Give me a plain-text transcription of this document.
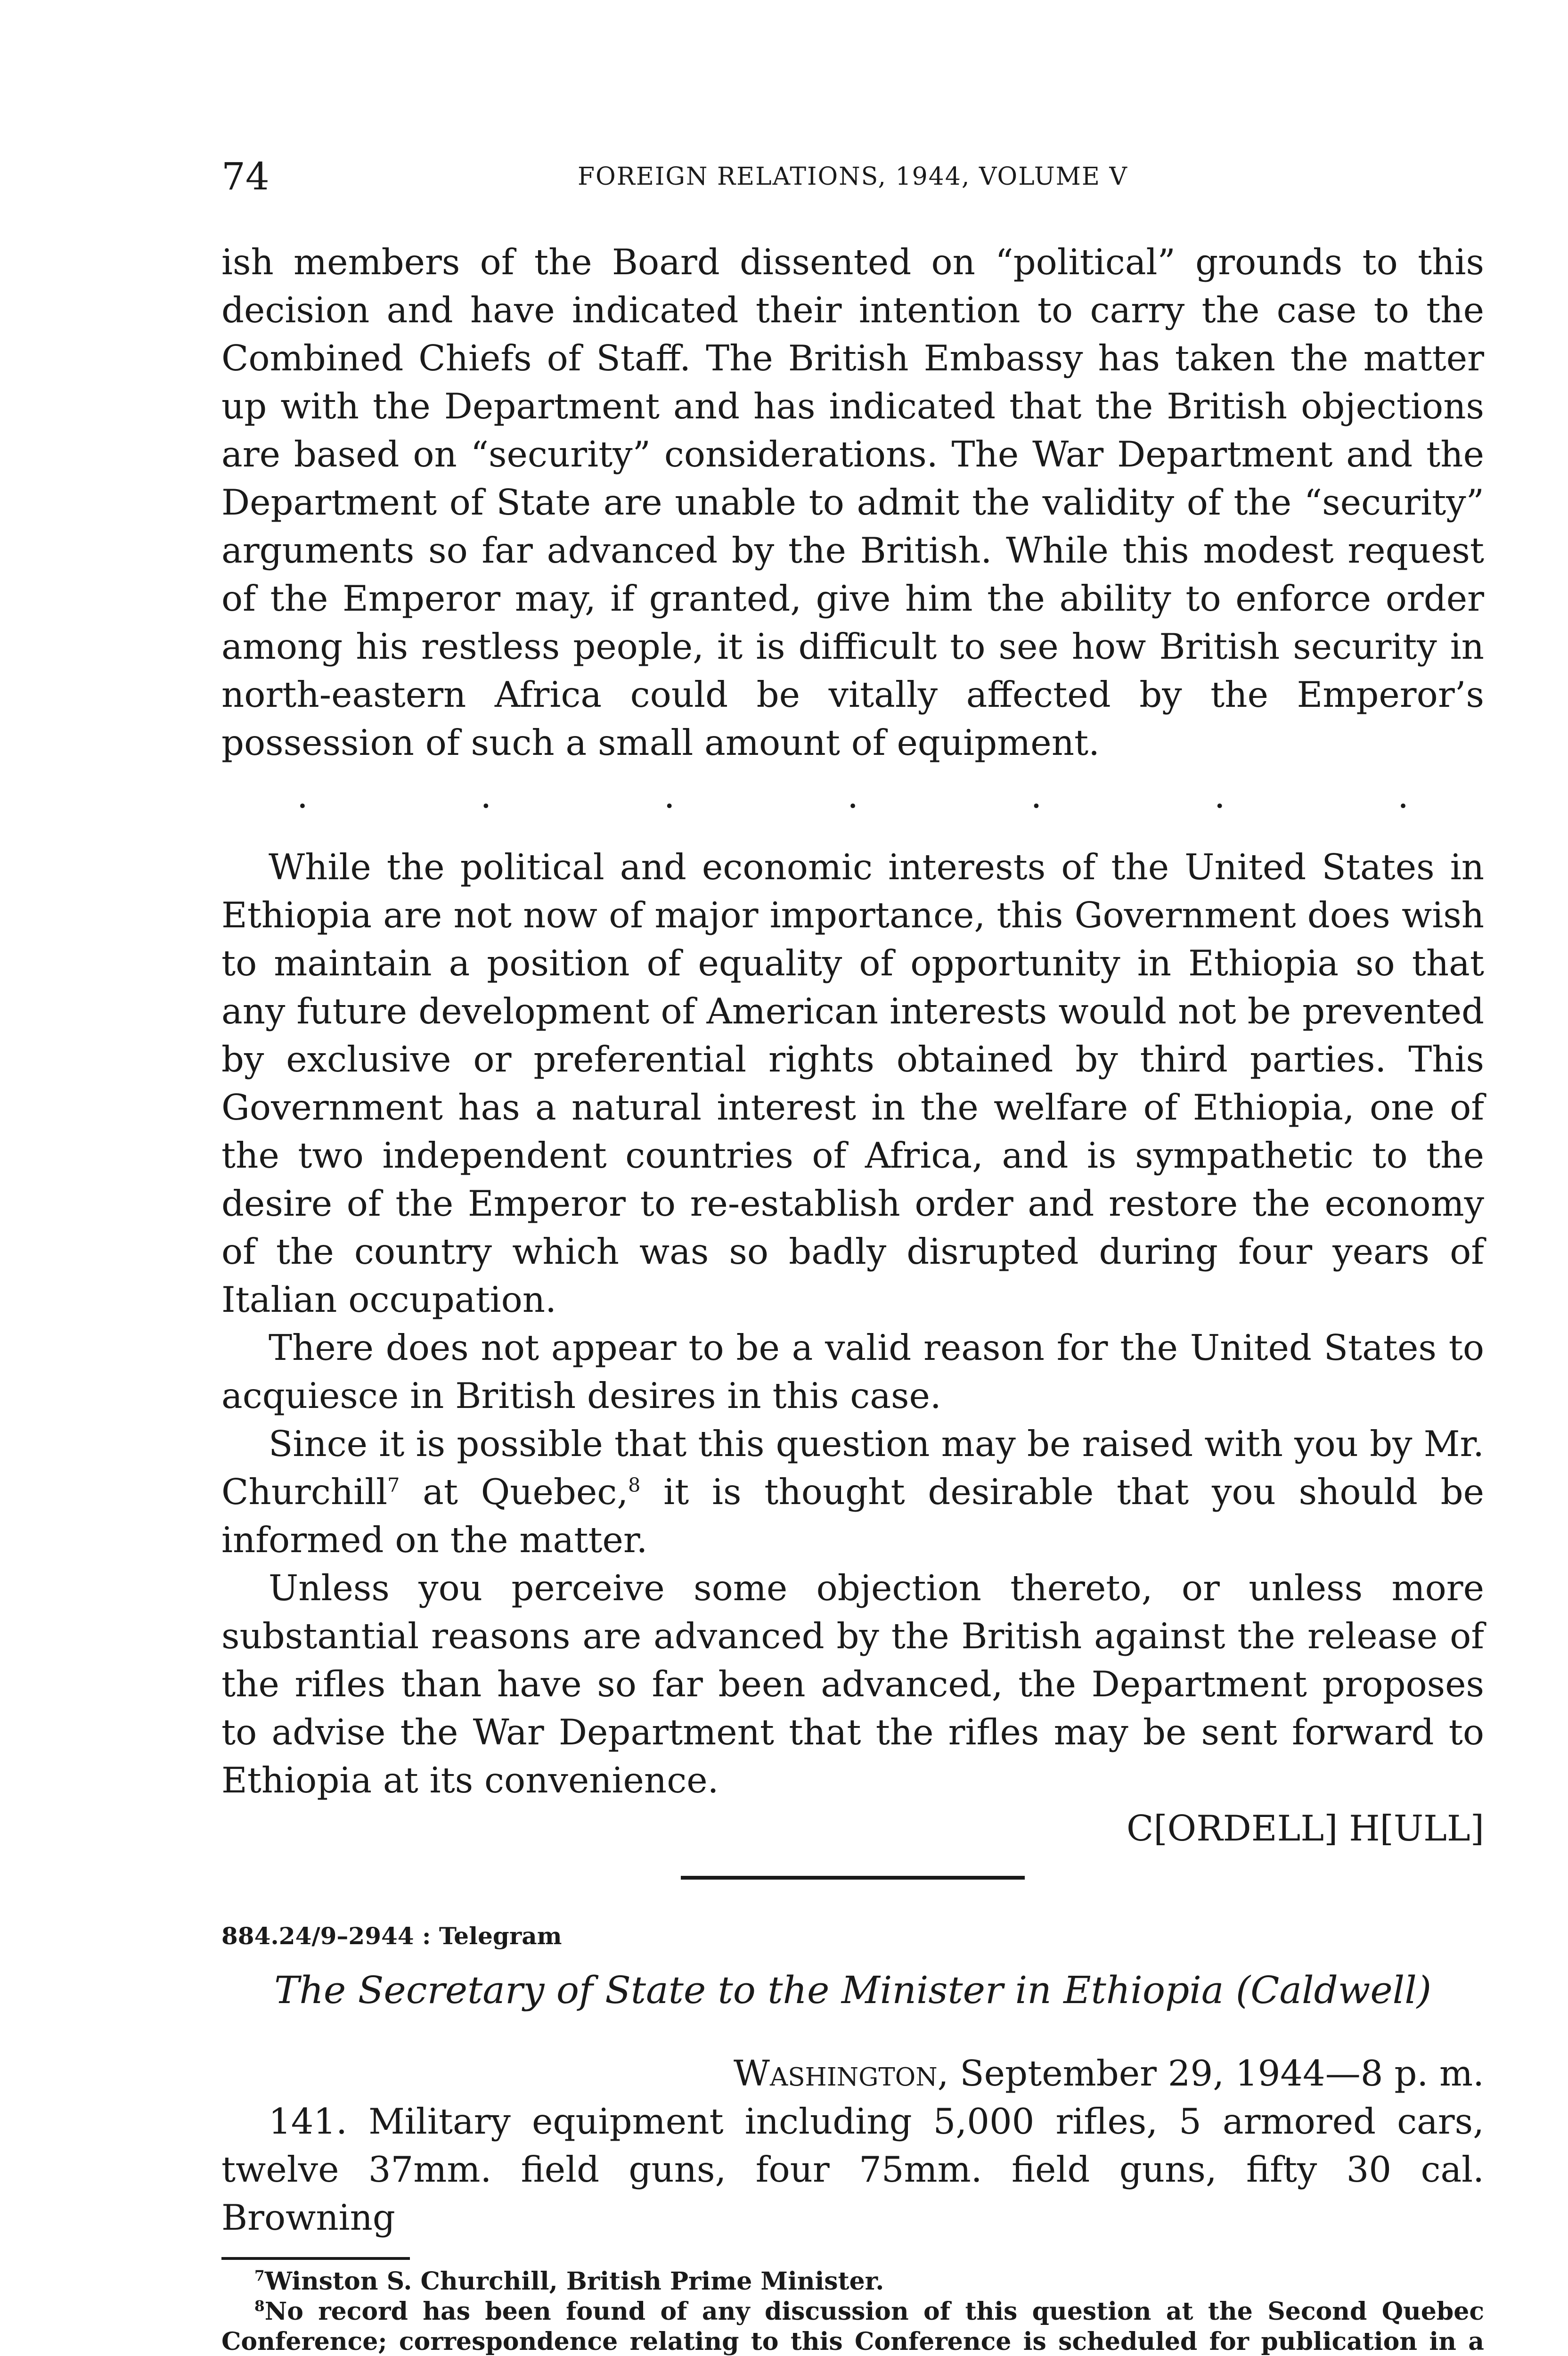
74	FOREIGN RELATIONS, 1944, VOLUME V

ish members of the Board dissented on “political” grounds to this decision and have indicated their intention to carry the case to the Combined Chiefs of Staff. The British Embassy has taken the matter up with the Department and has indicated that the British objections are based on “security” considerations. The War Department and the Department of State are unable to admit the validity of the “security” arguments so far advanced by the British. While this modest request of the Emperor may, if granted, give him the ability to enforce order among his restless people, it is difficult to see how British security in north-eastern Africa could be vitally affected by the Emperor’s possession of such a small amount of equipment.

.	.	.	.	.	.	.

While the political and economic interests of the United States in Ethiopia are not now of major importance, this Government does wish to maintain a position of equality of opportunity in Ethiopia so that any future development of American interests would not be prevented by exclusive or preferential rights obtained by third parties. This Government has a natural interest in the welfare of Ethiopia, one of the two independent countries of Africa, and is sympathetic to the desire of the Emperor to re-establish order and restore the economy of the country which was so badly disrupted during four years of Italian occupation.

There does not appear to be a valid reason for the United States to acquiesce in British desires in this case.

Since it is possible that this question may be raised with you by Mr. Churchill$^7$ at Quebec,$^8$ it is thought desirable that you should be informed on the matter.

Unless you perceive some objection thereto, or unless more substantial reasons are advanced by the British against the release of the rifles than have so far been advanced, the Department proposes to advise the War Department that the rifles may be sent forward to Ethiopia at its convenience.

C[ORDELL] H[ULL]

884.24/9–2944 : Telegram
The Secretary of State to the Minister in Ethiopia (Caldwell)

Washington, September 29, 1944—8 p. m.

141. Military equipment including 5,000 rifles, 5 armored cars, twelve 37mm. field guns, four 75mm. field guns, fifty 30 cal. Browning

$^7$Winston S. Churchill, British Prime Minister.

$^8$No record has been found of any discussion of this question at the Second Quebec Conference; correspondence relating to this Conference is scheduled for publication in a
